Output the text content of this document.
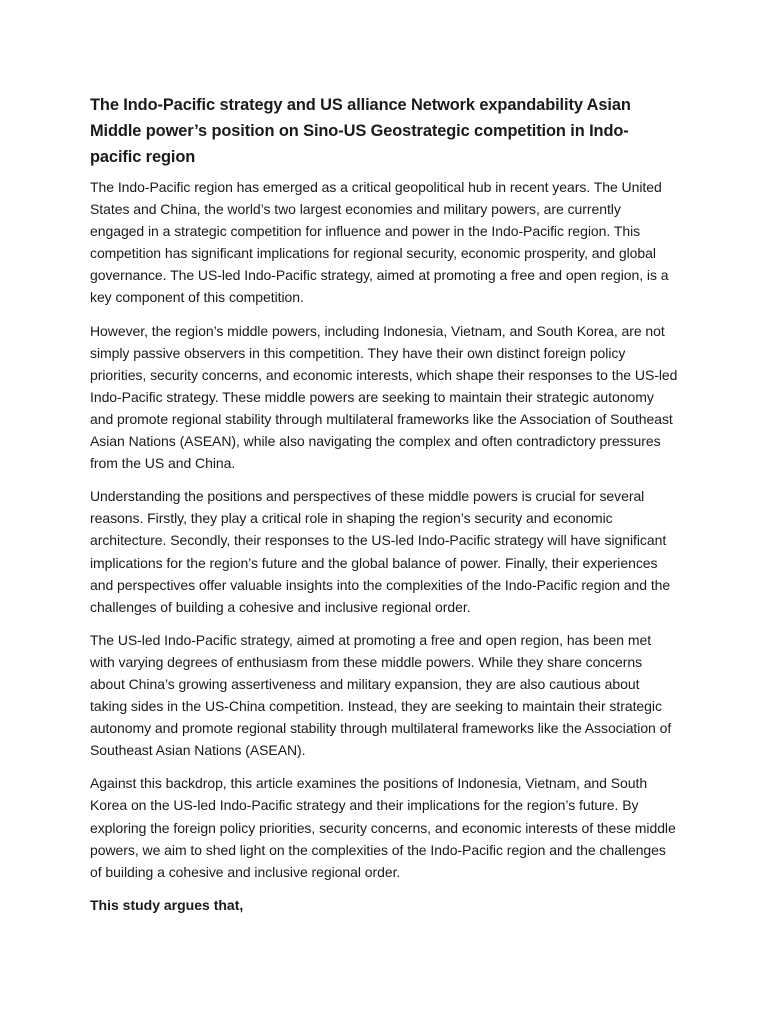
The Indo-Pacific strategy and US alliance Network expandability Asian Middle power’s position on Sino-US Geostrategic competition in Indo-pacific region

The Indo-Pacific region has emerged as a critical geopolitical hub in recent years. The United States and China, the world’s two largest economies and military powers, are currently engaged in a strategic competition for influence and power in the Indo-Pacific region. This competition has significant implications for regional security, economic prosperity, and global governance. The US-led Indo-Pacific strategy, aimed at promoting a free and open region, is a key component of this competition.

However, the region’s middle powers, including Indonesia, Vietnam, and South Korea, are not simply passive observers in this competition. They have their own distinct foreign policy priorities, security concerns, and economic interests, which shape their responses to the US-led Indo-Pacific strategy. These middle powers are seeking to maintain their strategic autonomy and promote regional stability through multilateral frameworks like the Association of Southeast Asian Nations (ASEAN), while also navigating the complex and often contradictory pressures from the US and China.

Understanding the positions and perspectives of these middle powers is crucial for several reasons. Firstly, they play a critical role in shaping the region’s security and economic architecture. Secondly, their responses to the US-led Indo-Pacific strategy will have significant implications for the region’s future and the global balance of power. Finally, their experiences and perspectives offer valuable insights into the complexities of the Indo-Pacific region and the challenges of building a cohesive and inclusive regional order.

The US-led Indo-Pacific strategy, aimed at promoting a free and open region, has been met with varying degrees of enthusiasm from these middle powers. While they share concerns about China’s growing assertiveness and military expansion, they are also cautious about taking sides in the US-China competition. Instead, they are seeking to maintain their strategic autonomy and promote regional stability through multilateral frameworks like the Association of Southeast Asian Nations (ASEAN).

Against this backdrop, this article examines the positions of Indonesia, Vietnam, and South Korea on the US-led Indo-Pacific strategy and their implications for the region’s future. By exploring the foreign policy priorities, security concerns, and economic interests of these middle powers, we aim to shed light on the complexities of the Indo-Pacific region and the challenges of building a cohesive and inclusive regional order.

This study argues that,
